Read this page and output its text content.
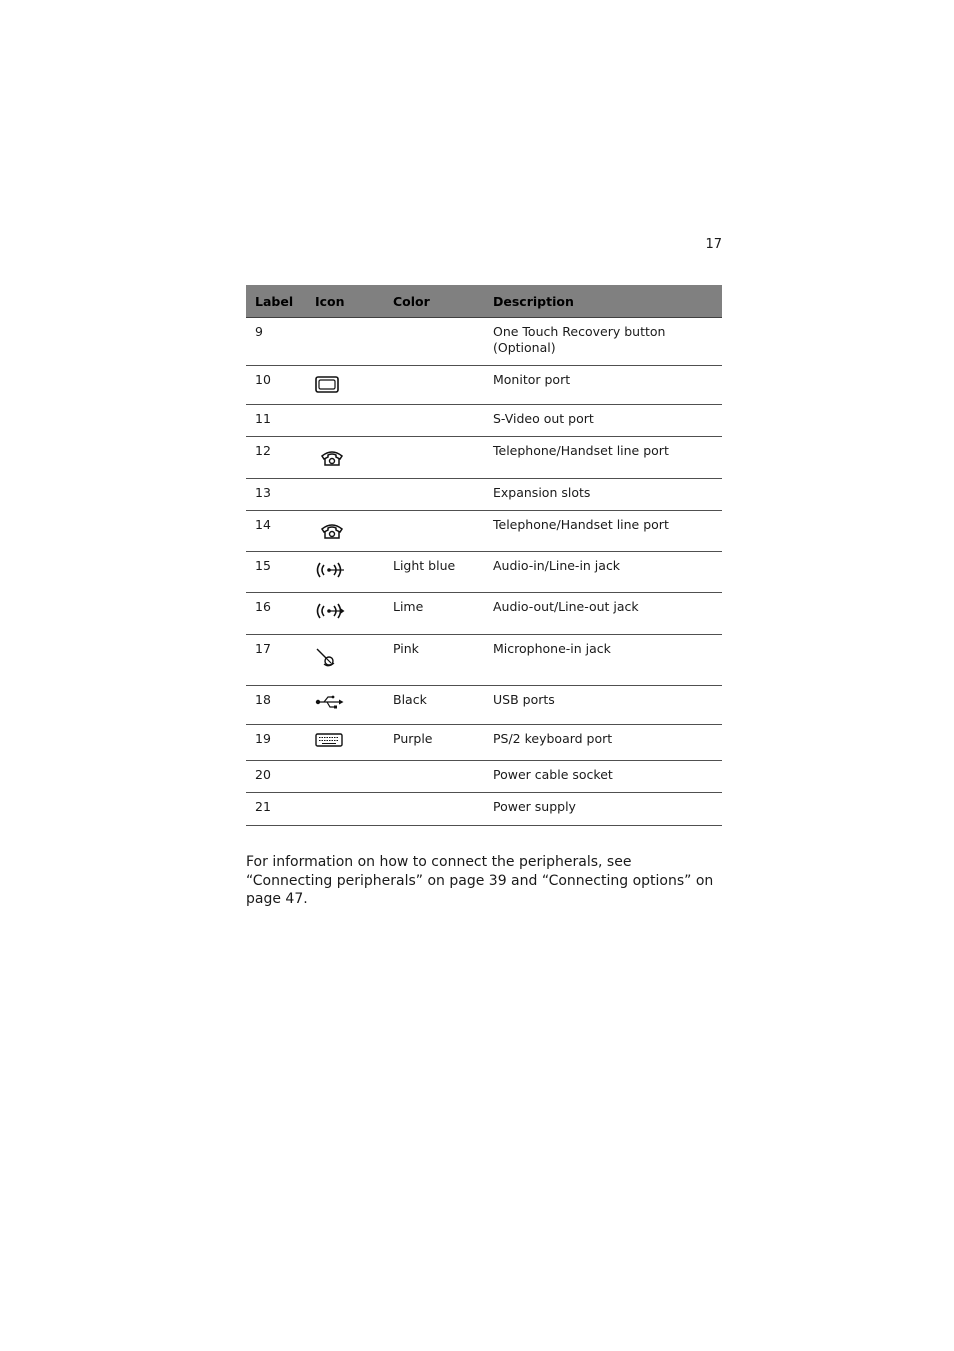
17
Label	Icon	Color	Description
9			One Touch Recovery button (Optional)
10			Monitor port
11			S-Video out port
12			Telephone/Handset line port
13			Expansion slots
14			Telephone/Handset line port
15		Light blue	Audio-in/Line-in jack
16		Lime	Audio-out/Line-out jack
17		Pink	Microphone-in jack
18		Black	USB ports
19		Purple	PS/2 keyboard port
20			Power cable socket
21			Power supply

For information on how to connect the peripherals, see “Connecting peripherals” on page 39 and “Connecting options” on page 47.
